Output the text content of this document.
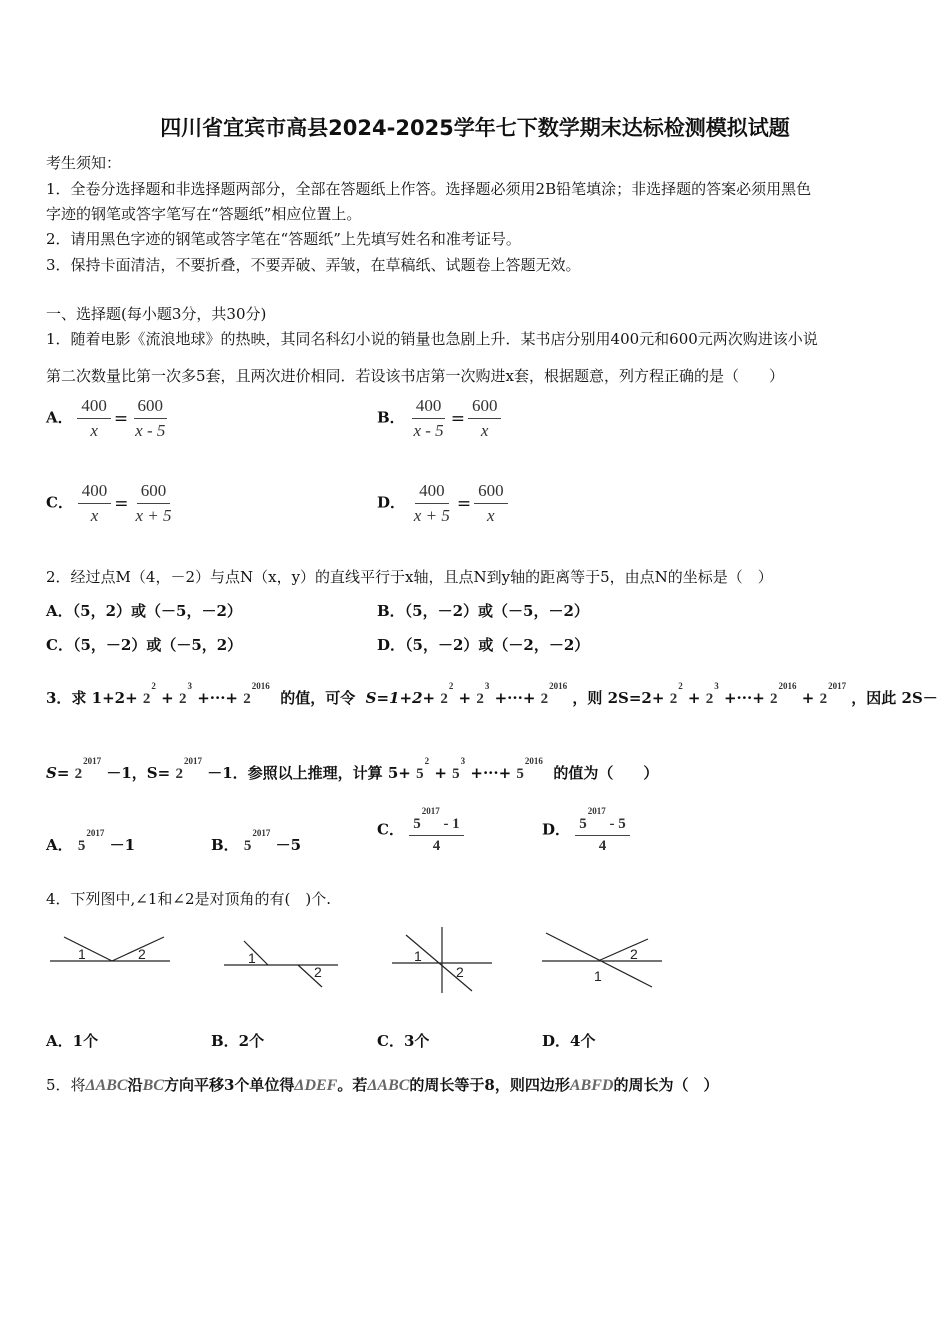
四川省宜宾市高县2024-2025学年七下数学期末达标检测模拟试题
考生须知：
1．全卷分选择题和非选择题两部分，全部在答题纸上作答。选择题必须用2B铅笔填涂；非选择题的答案必须用黑色
字迹的钢笔或答字笔写在“答题纸”相应位置上。
2．请用黑色字迹的钢笔或答字笔在“答题纸”上先填写姓名和准考证号。
3．保持卡面清洁，不要折叠，不要弄破、弄皱，在草稿纸、试题卷上答题无效。
一、选择题(每小题3分，共30分)
1．随着电影《流浪地球》的热映，其同名科幻小说的销量也急剧上升．某书店分别用400元和600元两次购进该小说
第二次数量比第一次多5套，且两次进价相同．若设该书店第一次购进x套，根据题意，列方程正确的是（　　）
A． $\frac{400}{x} = \frac{600}{x - 5}$	B． $\frac{400}{x - 5} = \frac{600}{x}$
C． $\frac{400}{x} = \frac{600}{x + 5}$	D． $\frac{400}{x + 5} = \frac{600}{x}$
2．经过点M（4，－2）与点N（x，y）的直线平行于x轴，且点N到y轴的距离等于5，由点N的坐标是（　）
A．（5，2）或（－5，－2）	B．（5，－2）或（－5，－2）
C．（5，－2）或（－5，2）	D．（5，－2）或（－2，－2）
3．求 $1+2+ 2^2 + 2^3$ +···+ $2^{2016}$  的值，可令 $S=1+2+ 2^2 + 2^3$ +···+ $2^{2016}$ ，则 $2S=2+ 2^2 + 2^3$ +···+ $2^{2016} + 2^{2017}$ ，因此 2S－
$S= 2^{2017} -1$，$S= 2^{2017} -1$．参照以上推理，计算 $5+ 5^2 + 5^3$ +···+ $5^{2016}$  的值为（　　）
A． $5^{2017} -1$	B． $5^{2017} -5$
C． $\frac{5^{2017} - 1}{4}$	D． $\frac{5^{2017} - 5}{4}$
4．下列图中,∠1和∠2是对顶角的有(　)个.
1	2	1
2
1
2	1
2
A．1个	B．2个	C．3个	D．4个
5．将ΔABC沿BC方向平移3个单位得ΔDEF。若ΔABC的周长等于8，则四边形ABFD的周长为（　）
